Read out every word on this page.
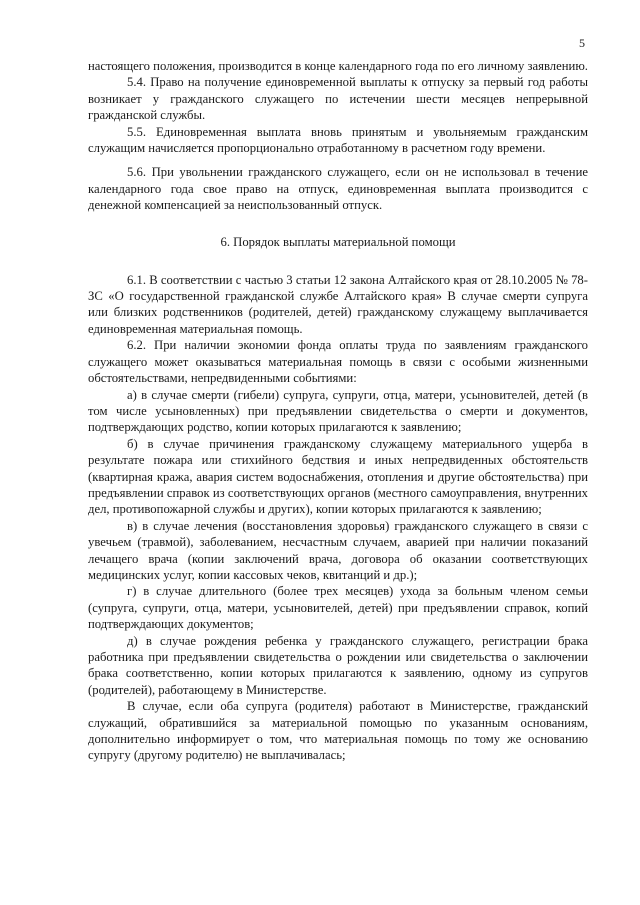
5

настоящего положения, производится в конце календарного года по его личному заявлению.

5.4. Право на получение единовременной выплаты к отпуску за первый год работы возникает у гражданского служащего по истечении шести месяцев непрерывной гражданской службы.

5.5. Единовременная выплата вновь принятым и увольняемым гражданским служащим начисляется пропорционально отработанному в расчетном году времени.

5.6. При увольнении гражданского служащего, если он не использовал в течение календарного года свое право на отпуск, единовременная выплата производится с денежной компенсацией за неиспользованный отпуск.

6. Порядок выплаты материальной помощи

6.1. В соответствии с частью 3 статьи 12 закона Алтайского края от 28.10.2005 № 78-ЗС «О государственной гражданской службе Алтайского края» В случае смерти супруга или близких родственников (родителей, детей) гражданскому служащему выплачивается единовременная материальная помощь.

6.2. При наличии экономии фонда оплаты труда по заявлениям гражданского служащего может оказываться материальная помощь в связи с особыми жизненными обстоятельствами, непредвиденными событиями:

а) в случае смерти (гибели) супруга, супруги, отца, матери, усыновителей, детей (в том числе усыновленных) при предъявлении свидетельства о смерти и документов, подтверждающих родство, копии которых прилагаются к заявлению;

б) в случае причинения гражданскому служащему материального ущерба в результате пожара или стихийного бедствия и иных непредвиденных обстоятельств (квартирная кража, авария систем водоснабжения, отопления и другие обстоятельства) при предъявлении справок из соответствующих органов (местного самоуправления, внутренних дел, противопожарной службы и других), копии которых прилагаются к заявлению;

в) в случае лечения (восстановления здоровья) гражданского служащего в связи с увечьем (травмой), заболеванием, несчастным случаем, аварией при наличии показаний лечащего врача (копии заключений врача, договора об оказании соответствующих медицинских услуг, копии кассовых чеков, квитанций и др.);

г) в случае длительного (более трех месяцев) ухода за больным членом семьи (супруга, супруги, отца, матери, усыновителей, детей) при предъявлении справок, копий подтверждающих документов;

д) в случае рождения ребенка у гражданского служащего, регистрации брака работника при предъявлении свидетельства о рождении или свидетельства о заключении брака соответственно, копии которых прилагаются к заявлению, одному из супругов (родителей), работающему в Министерстве.

В случае, если оба супруга (родителя) работают в Министерстве, гражданский служащий, обратившийся за материальной помощью по указанным основаниям, дополнительно информирует о том, что материальная помощь по тому же основанию супругу (другому родителю) не выплачивалась;
